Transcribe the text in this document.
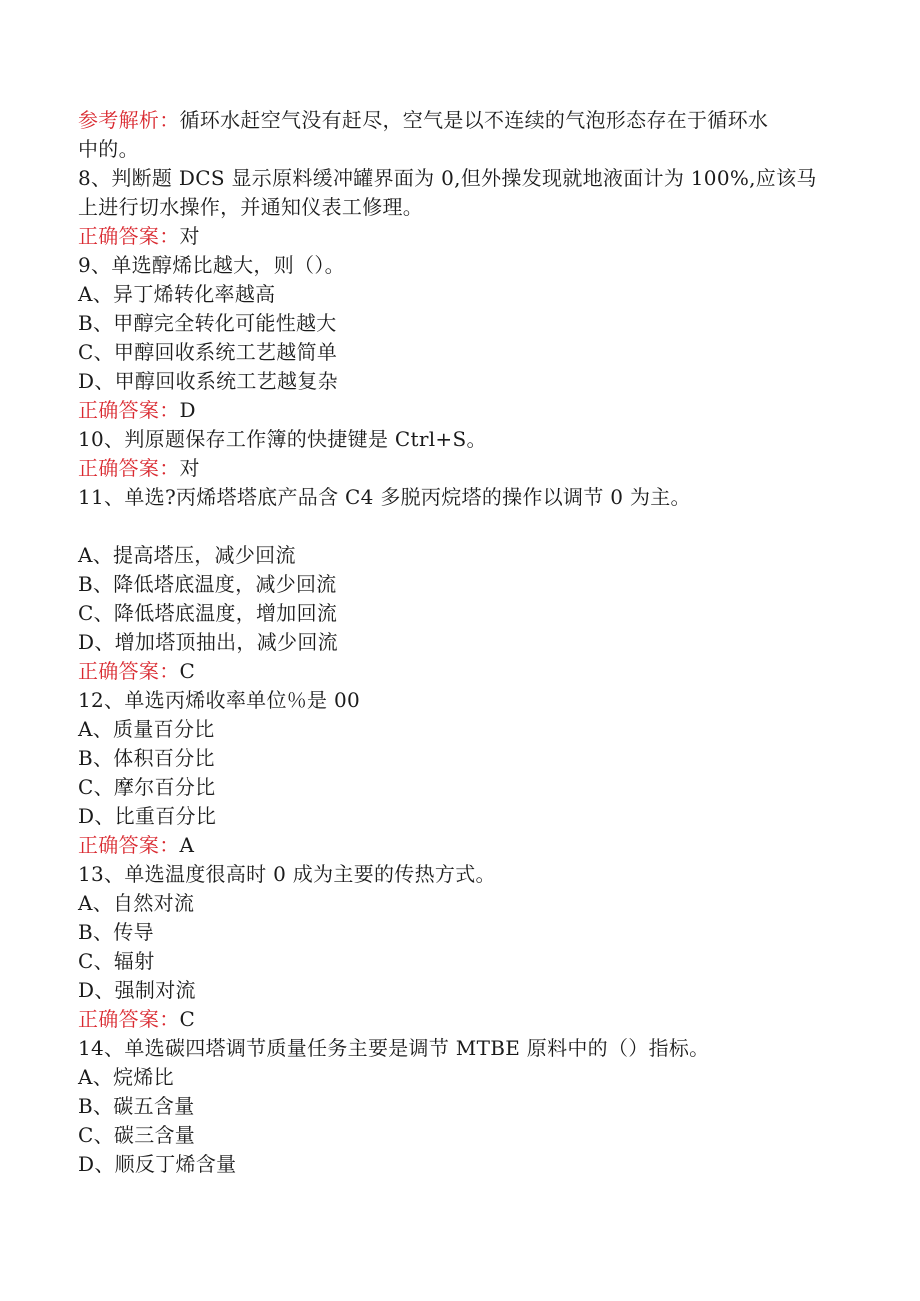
参考解析：循环水赶空气没有赶尽，空气是以不连续的气泡形态存在于循环水
中的。
8、判断题 DCS 显示原料缓冲罐界面为 0,但外操发现就地液面计为 100%,应该马
上进行切水操作，并通知仪表工修理。
正确答案：对
9、单选醇烯比越大，则（）。
A、异丁烯转化率越高
B、甲醇完全转化可能性越大
C、甲醇回收系统工艺越简单
D、甲醇回收系统工艺越复杂
正确答案：D
10、判原题保存工作簿的快捷键是 Ctrl+S。
正确答案：对
11、单选?丙烯塔塔底产品含 C4 多脱丙烷塔的操作以调节 0 为主。
A、提高塔压，减少回流
B、降低塔底温度，减少回流
C、降低塔底温度，增加回流
D、增加塔顶抽出，减少回流
正确答案：C
12、单选丙烯收率单位％是 00
A、质量百分比
B、体积百分比
C、摩尔百分比
D、比重百分比
正确答案：A
13、单选温度很高时 0 成为主要的传热方式。
A、自然对流
B、传导
C、辐射
D、强制对流
正确答案：C
14、单选碳四塔调节质量任务主要是调节 MTBE 原料中的（）指标。
A、烷烯比
B、碳五含量
C、碳三含量
D、顺反丁烯含量
